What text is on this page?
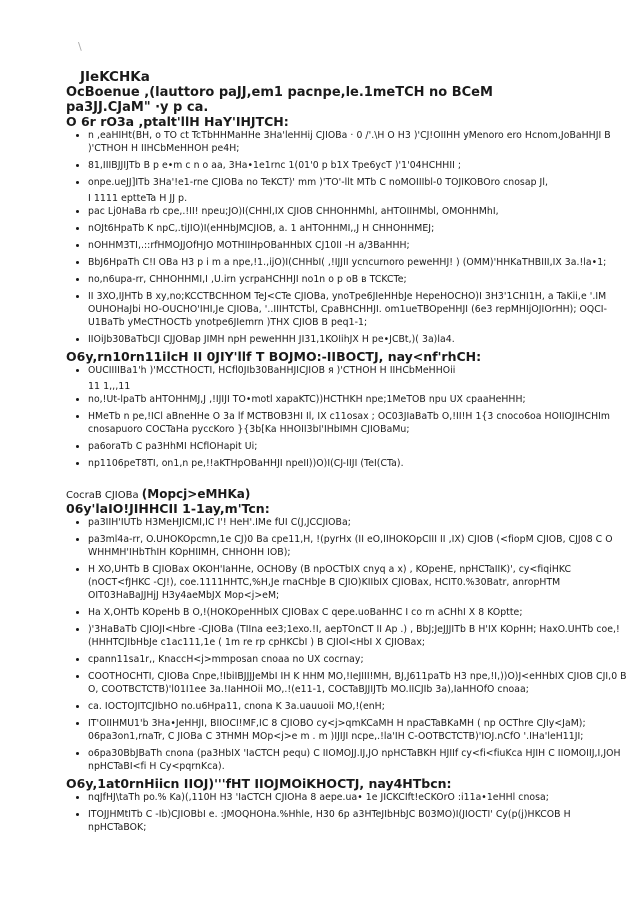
\
JIeKCHKa
OcBoenue ,(lauttoro paJJ,em1 pacnpe,le.1meTCH no BCeM
pa3JJ.CJaM" ·y p ca.
O 6r rO3a ,ptalt'llH HaY'IHJTCH:
• n ,eaHIHt(BH, o TO ct TcTbHHMaHHe 3Ha'leHHij CJIOBa · 0 /'.\H O H3 )'CJ!OIIHH yMenoro ero Hcnom,JoBaHHJI B )'CTHOH H IIHCbMeHHOH pe4H;
• 81,IIIBJJIJTb B p e•m c n o aa, 3Ha•1e1rnc 1(01'0 p b1X Tpe6ycT )'1'04HCHHII ;
• onpe.ueJJ]ITb 3Ha'!e1-rne CJIOBa no TeKCT)' mm )'TO'-llt MTb C noMOIIIbl-0 TOJIKOBOro cnosap Jl,
I 1111 eptteTa H JJ p.
• pac Lj0HaBa rb cpe,.!II! npeu;JO)I(CHHl,IX CJIOB CHHOHHMhl, aHTOIIHMbl, OMOHHMhI,
• nOJt6HpaTb K npC,.tiJIO)I(eHHbJMCJIOB, a. 1 aHTOHHMI,,J H CHHOHHMEJ;
• nOHHM3TI,.::rfHMOJJOfHJO MOTHIIHpOBaHHbIX CJ10II -H a/3BaHHH;
• BbJ6HpaTh C!I OBa H3 p i m a npe,!1.,ijO)I(CHHbI( ,!IJJII ycncurnoro peweHHJ! ) (OMM)'HHKaTHBIII,IX 3a.!la•1;
• no,n6upa-rr, CHHOHHMI,I ,U.irn ycrpaHCHHJI no1n o p oB в TCKCTe;
• II 3XO,IJHTb B xy,no;KCCTBCHHOM TeJ<CTe CJIOBa, ynoTpe6JIeHHbJe HepeHOCHO)I 3H3'1CHI1H, a TaKii,e '.IM OUHOHaJbi HO-OUCHO'IHI,Je CJIOBa, '..IIIHTCTbl, CpaBHCHHJI. om1ueTBOpeHHJI (6e3 repMHIjOJIOrHH); OQCI-U1BaTb yMeCTHOCTb ynotpe6JIemrn )THX CJIOB B peq1-1;
• IIOiJb30BaTbCJI CJJOBap JIMH npH peweHHH JI31,1KOIihJX H pe•JCBt,)( 3a)la4.
O6y,rn10rn11ilcH II 0JIY'llf T BOJMO:-IIBOCTJ, nay<nf'rhCH:
• OUCIIIIBa1'h )'MCCTHOCTI, HCfl0JIb30BaHHJICJIOB я )'CTHOH H IIHCbMeHHOii
11 1,,,11
• no,!Ut-lpaTb aHTOHHMJ,J ,!IJIJI TO•motl xapaKTC))HCTHKH npe;1MeTOB npu UX cpaaHeHHH;
• HMeTb n pe,!ICl aBneHHe O 3a lf MCTBOB3HI Il, IX c11osax ; OC03JIaBaTb O,!II!H 1{3 cnoco6oa HOIIOJIHCHIm cnosapuoro COCTaHa pyccKoro }{3b[Ka HHOII3bI'IHbIMH CJIOBaMu;
• pa6oraTb C pa3HhMI HCflOHapit Ui;
• np1106peT8TI, on1,n pe,!!aKTHpOBaHHJI npeII))O)I(CJ-IIJI (TeI(CTa).
CocraB CJIOBa (Mopcj>eMHKa)
06y'laIO!JIHHCII 1-1ay,m'Tcn:
• pa3IIH'IUTb H3MeHJICMI,IC I'! HeH'.IMe fUI C(J,JCCJIOBa;
• pa3ml4a-rr, O.UHOKOpcmn,1e CJ)0 Ba cpe11,H, !(pyrHx (II eO,IIHOKOpCIII II ,IX) CJIOB (<fiopM CJIOB, CJJ08 C O WHHMH'IHbThIH KOpHIIMH, CHHOHH IOB);
• H XO,UHTb B CJIOBax OKOH'IaHHe, OCHOBy (B npOCTbIX cnyq a x) , KOpeHE, npHCTaIIK)', cy<fiqiHKC (nOCT<fJHKC -CJ!), coe.1111HHTC,%H,Je rnaCHbJe B CJIO)KIIbIX CJIOBax, HCIT0.%30Batr, anropHTM OIT03HaBaJJHjJ H3y4aeMbJX Mop<j>eM;
• Ha X,OHTb KOpeHb B O,!(HOKOpeHHbIX CJIOBax C qepe.uoBaHHC I co rn aCHhI X 8 KOptte;
• )'3HaBaTb CJIOJI<Hbre -CJIOBa (TIIna ee3;1exo.!I, aepTOnCT II Ap .) , BbJ;JeJJJITb B H'IX KOpHH; HaxO.UHTb coe,!(HHHTCJIbHbJe c1ac111,1e ( 1m re rp cpHKCbI ) B CJIOl<HbI X CJIOBax;
• cpann11sa1r,, KnaccH<j>mmposan cnoaa no UX cocrnay;
• COOTHOCHTI, CJIOBa Cnpe,!IbiIBJJJJeMbI IH K HHM MO,!IeJIII!MH, BJ,J611paTb H3 npe,!I,))O)J<eHHbIX CJIOB CJI,0 B O, COOTBCTCTB)'l01I1ee 3a.!IaHHOii MO,.!(e11-1, COCTaBJJIJTb MO.IICJIb 3a),IaHHOfO cnoaa;
• ca. IOCTOJITCJIbHO no.u6Hpa11, cnona K 3a.uauuoii MO,!(enH;
• IT'OIIHMU1'b 3Ha•JeHHJI, BIIOCI!MF,IC 8 CJIOBO cy<j>qmKCaMH H npaCTaBKaMH ( np OCThre CJIy<JaM); 06pa3on1,rnaTr, C JIOBa C 3THMH MOp<j>e m . m )IJIJI ncpe,.!la'IH C-OOTBCTCTB)'IOJ.nCfO '.IHa'leH11JI;
• o6pa30BbJBaTh cnona (pa3HbIX 'IaCTCH pequ) C IIOMOJJ.IJ,JO npHCTaBKH HJIIf cy<fi<fiuKca HJIH C IIOMOIIJ,I,JOH npHCTaBI<fi H Cy<pqrnKca).
O6y,1at0rnHiicn IIOJ)'''fHT IIOJMOiKHOCTJ, nay4HTbcn:
• nqJfHJ\taTh po.% Ka)(,110H H3 'IaCTCH CJIOHa 8 aepe.ua• 1e JICKCIft!eCKOrO :i11a•1eHHl cnosa;
• ITOJJHMtITb C -Ib)CJIOBbI e. :JMOQHOHa.%Hhle, H30 6p a3HTeJIbHbJC B03MO)I(JIOCTI' Cy(p(j)HKCOB H npHCTaBOK;
